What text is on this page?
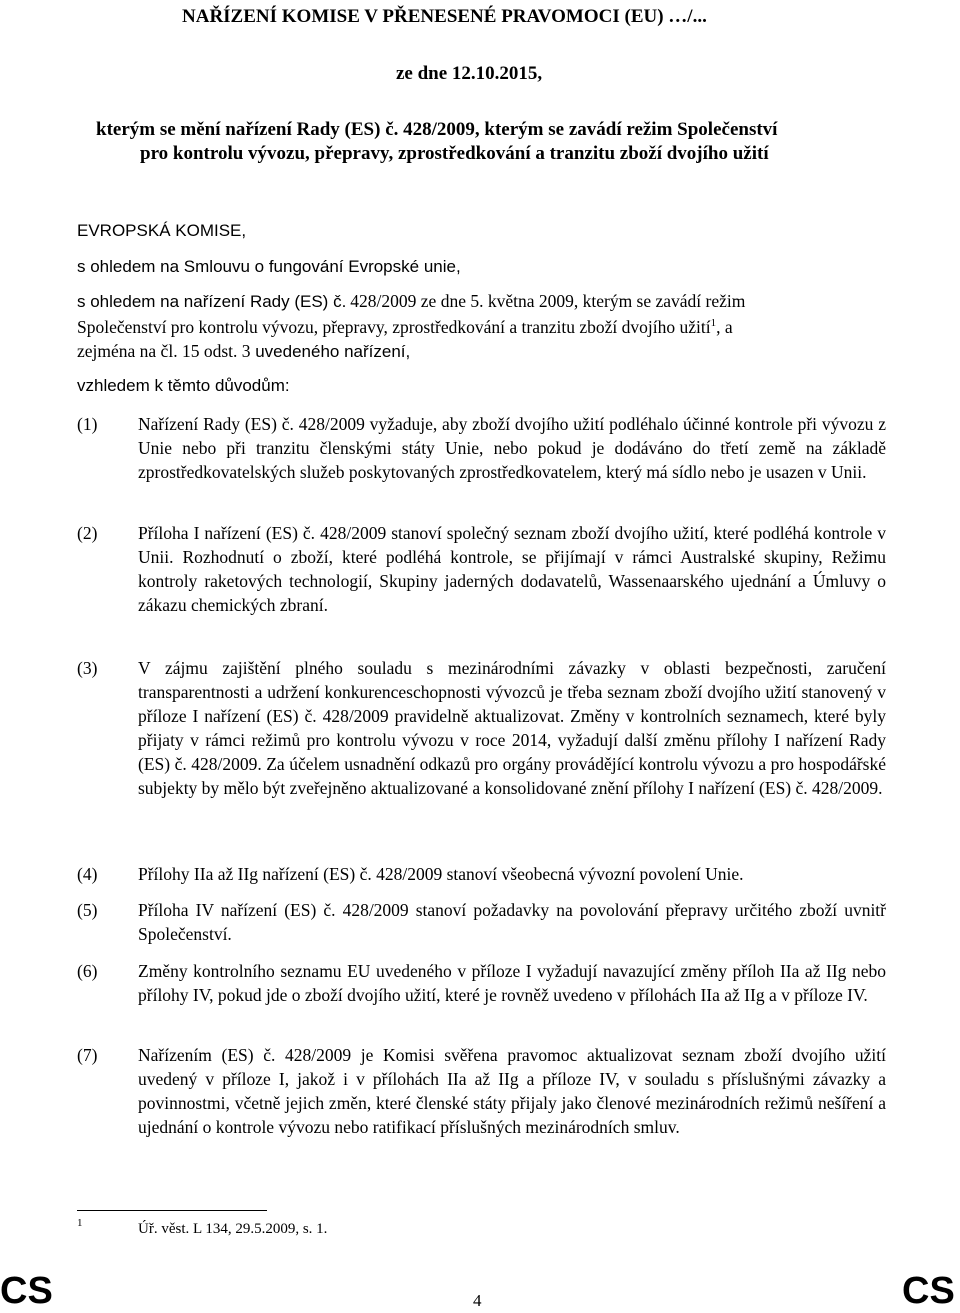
NAŘÍZENÍ KOMISE V PŘENESENÉ PRAVOMOCI (EU) …/...
ze dne 12.10.2015,
kterým se mění nařízení Rady (ES) č. 428/2009, kterým se zavádí režim Společenství
pro kontrolu vývozu, přepravy, zprostředkování a tranzitu zboží dvojího užití
EVROPSKÁ KOMISE,
s ohledem na Smlouvu o fungování Evropské unie,
s ohledem na nařízení Rady (ES) č. 428/2009 ze dne 5. května 2009, kterým se zavádí režim
Společenství pro kontrolu vývozu, přepravy, zprostředkování a tranzitu zboží dvojího užití$^1$, a
zejména na čl. 15 odst. 3 uvedeného nařízení,
vzhledem k těmto důvodům:
(1) Nařízení Rady (ES) č. 428/2009 vyžaduje, aby zboží dvojího užití podléhalo účinné kontrole při vývozu z Unie nebo při tranzitu členskými státy Unie, nebo pokud je dodáváno do třetí země na základě zprostředkovatelských služeb poskytovaných zprostředkovatelem, který má sídlo nebo je usazen v Unii.
(2) Příloha I nařízení (ES) č. 428/2009 stanoví společný seznam zboží dvojího užití, které podléhá kontrole v Unii. Rozhodnutí o zboží, které podléhá kontrole, se přijímají v rámci Australské skupiny, Režimu kontroly raketových technologií, Skupiny jaderných dodavatelů, Wassenaarského ujednání a Úmluvy o zákazu chemických zbraní.
(3) V zájmu zajištění plného souladu s mezinárodními závazky v oblasti bezpečnosti, zaručení transparentnosti a udržení konkurenceschopnosti vývozců je třeba seznam zboží dvojího užití stanovený v příloze I nařízení (ES) č. 428/2009 pravidelně aktualizovat. Změny v kontrolních seznamech, které byly přijaty v rámci režimů pro kontrolu vývozu v roce 2014, vyžadují další změnu přílohy I nařízení Rady (ES) č. 428/2009. Za účelem usnadnění odkazů pro orgány provádějící kontrolu vývozu a pro hospodářské subjekty by mělo být zveřejněno aktualizované a konsolidované znění přílohy I nařízení (ES) č. 428/2009.
(4) Přílohy IIa až IIg nařízení (ES) č. 428/2009 stanoví všeobecná vývozní povolení Unie.
(5) Příloha IV nařízení (ES) č. 428/2009 stanoví požadavky na povolování přepravy určitého zboží uvnitř Společenství.
(6) Změny kontrolního seznamu EU uvedeného v příloze I vyžadují navazující změny příloh IIa až IIg nebo přílohy IV, pokud jde o zboží dvojího užití, které je rovněž uvedeno v přílohách IIa až IIg a v příloze IV.
(7) Nařízením (ES) č. 428/2009 je Komisi svěřena pravomoc aktualizovat seznam zboží dvojího užití uvedený v příloze I, jakož i v přílohách IIa až IIg a příloze IV, v souladu s příslušnými závazky a povinnostmi, včetně jejich změn, které členské státy přijaly jako členové mezinárodních režimů nešíření a ujednání o kontrole vývozu nebo ratifikací příslušných mezinárodních smluv.
1	Úř. věst. L 134, 29.5.2009, s. 1.
CS	4	CS
